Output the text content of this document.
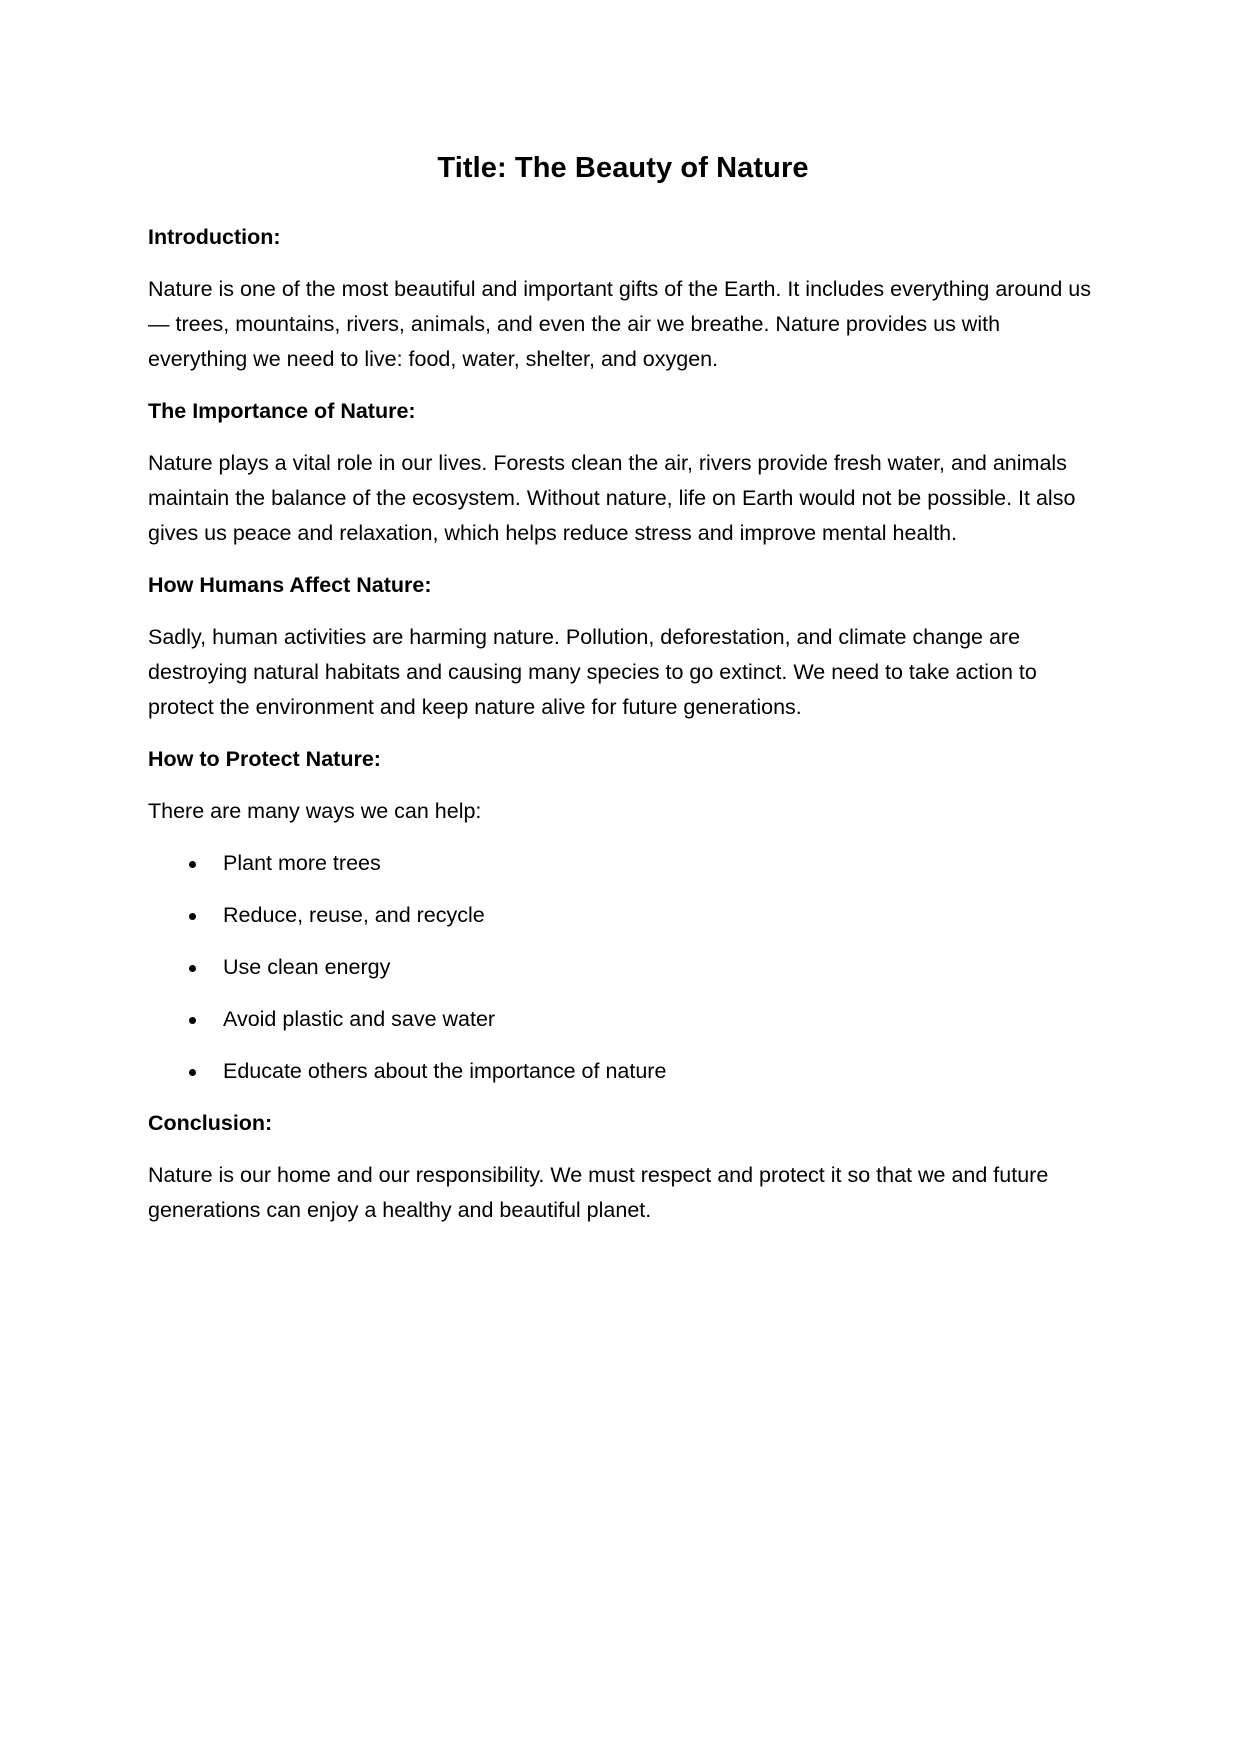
Title: The Beauty of Nature

Introduction:

Nature is one of the most beautiful and important gifts of the Earth. It includes everything around us — trees, mountains, rivers, animals, and even the air we breathe. Nature provides us with everything we need to live: food, water, shelter, and oxygen.

The Importance of Nature:

Nature plays a vital role in our lives. Forests clean the air, rivers provide fresh water, and animals maintain the balance of the ecosystem. Without nature, life on Earth would not be possible. It also gives us peace and relaxation, which helps reduce stress and improve mental health.

How Humans Affect Nature:

Sadly, human activities are harming nature. Pollution, deforestation, and climate change are destroying natural habitats and causing many species to go extinct. We need to take action to protect the environment and keep nature alive for future generations.

How to Protect Nature:

There are many ways we can help:

Plant more trees
Reduce, reuse, and recycle
Use clean energy
Avoid plastic and save water
Educate others about the importance of nature

Conclusion:

Nature is our home and our responsibility. We must respect and protect it so that we and future generations can enjoy a healthy and beautiful planet.
